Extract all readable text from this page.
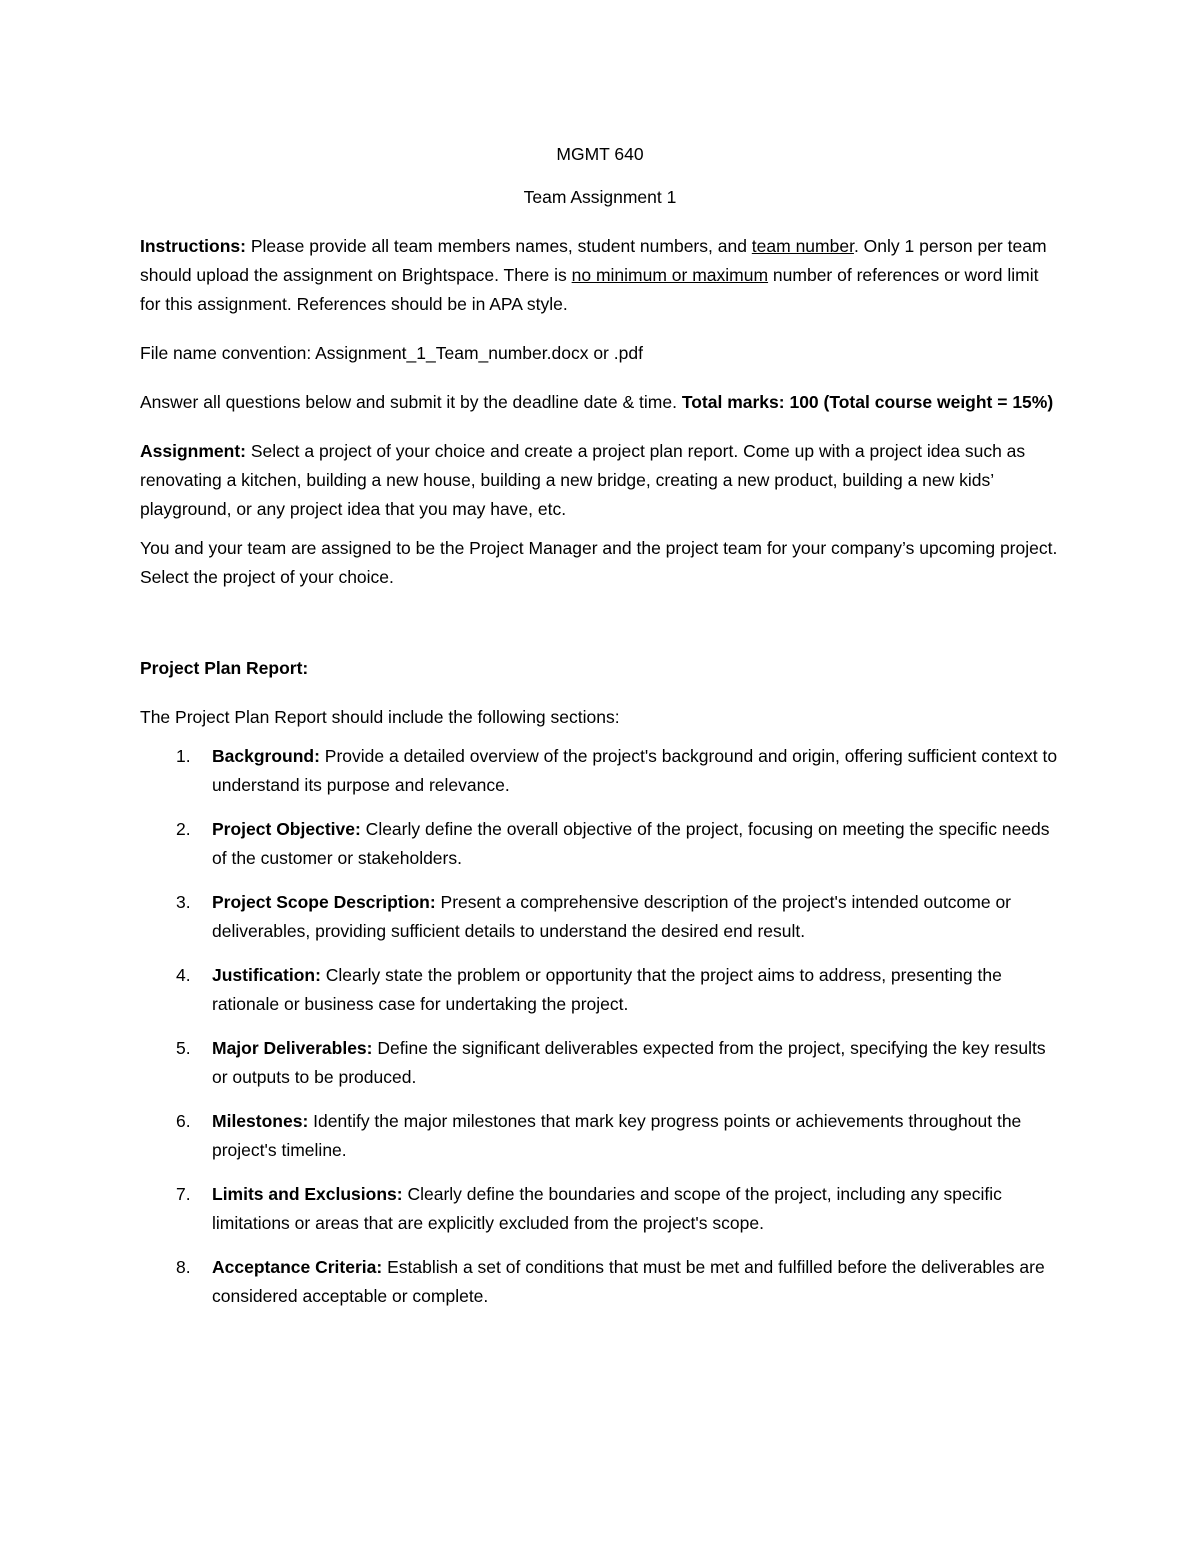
MGMT 640
Team Assignment 1

Instructions: Please provide all team members names, student numbers, and team number. Only 1 person per team should upload the assignment on Brightspace. There is no minimum or maximum number of references or word limit for this assignment. References should be in APA style.

File name convention: Assignment_1_Team_number.docx or .pdf

Answer all questions below and submit it by the deadline date & time. Total marks: 100 (Total course weight = 15%)

Assignment: Select a project of your choice and create a project plan report. Come up with a project idea such as renovating a kitchen, building a new house, building a new bridge, creating a new product, building a new kids’ playground, or any project idea that you may have, etc.

You and your team are assigned to be the Project Manager and the project team for your company’s upcoming project. Select the project of your choice.

Project Plan Report:

The Project Plan Report should include the following sections:

1. Background: Provide a detailed overview of the project's background and origin, offering sufficient context to understand its purpose and relevance.
2. Project Objective: Clearly define the overall objective of the project, focusing on meeting the specific needs of the customer or stakeholders.
3. Project Scope Description: Present a comprehensive description of the project's intended outcome or deliverables, providing sufficient details to understand the desired end result.
4. Justification: Clearly state the problem or opportunity that the project aims to address, presenting the rationale or business case for undertaking the project.
5. Major Deliverables: Define the significant deliverables expected from the project, specifying the key results or outputs to be produced.
6. Milestones: Identify the major milestones that mark key progress points or achievements throughout the project's timeline.
7. Limits and Exclusions: Clearly define the boundaries and scope of the project, including any specific limitations or areas that are explicitly excluded from the project's scope.
8. Acceptance Criteria: Establish a set of conditions that must be met and fulfilled before the deliverables are considered acceptable or complete.
